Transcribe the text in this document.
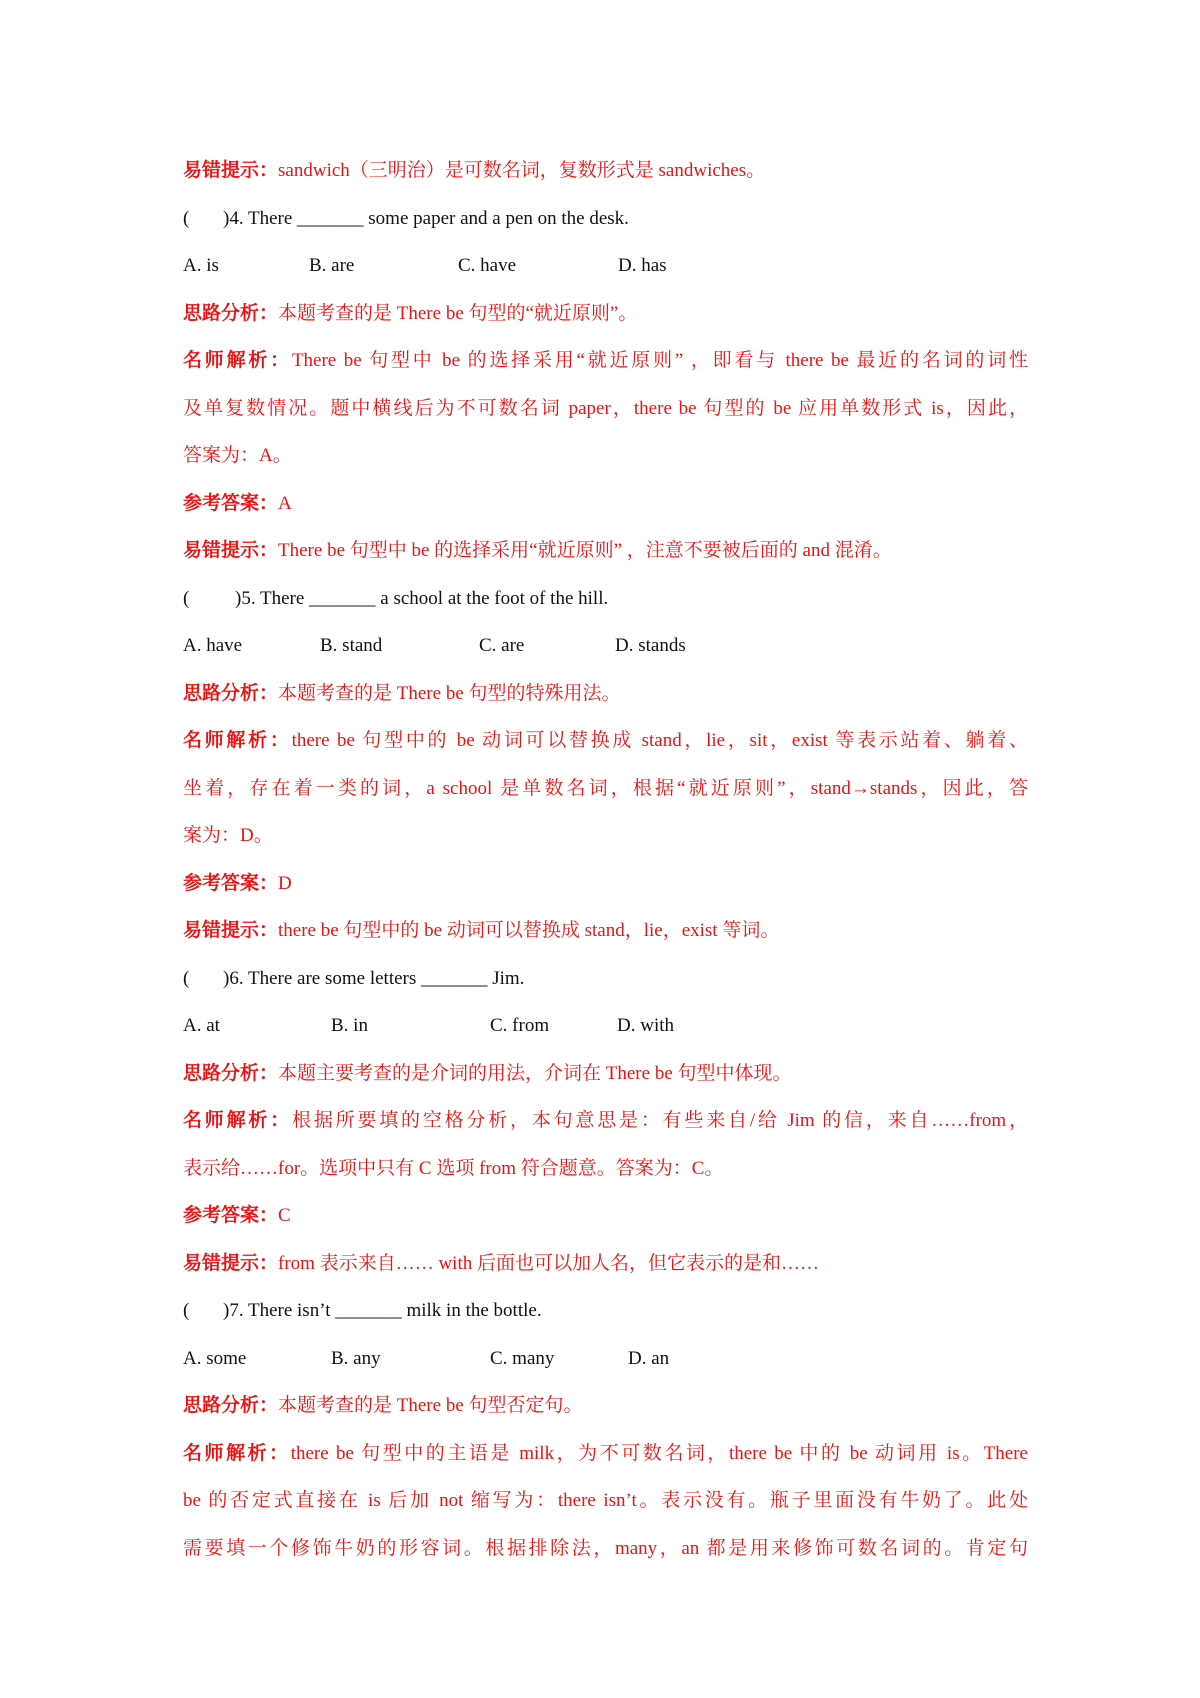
易错提示：sandwich（三明治）是可数名词，复数形式是 sandwiches。
( )4. There _______ some paper and a pen on the desk.
A. is	B. are	C. have	D. has
思路分析：本题考查的是 There be 句型的“就近原则”。
名师解析：There be 句型中 be 的选择采用“就近原则” ，即看与 there be 最近的名词的词性
及单复数情况。题中横线后为不可数名词 paper，there be 句型的 be 应用单数形式 is，因此，
答案为：A。
参考答案：A
易错提示：There be 句型中 be 的选择采用“就近原则” ，注意不要被后面的 and 混淆。
( )5. There _______ a school at the foot of the hill.
A. have	B. stand	C. are	D. stands
思路分析：本题考查的是 There be 句型的特殊用法。
名师解析：there be 句型中的 be 动词可以替换成 stand，lie，sit，exist 等表示站着、躺着、
坐着，存在着一类的词，a school 是单数名词，根据“就近原则”，stand→stands，因此，答
案为：D。
参考答案：D
易错提示：there be 句型中的 be 动词可以替换成 stand，lie，exist 等词。
( )6. There are some letters _______ Jim.
A. at	B. in	C. from	D. with
思路分析：本题主要考查的是介词的用法，介词在 There be 句型中体现。
名师解析：根据所要填的空格分析，本句意思是：有些来自/给 Jim 的信，来自……from，
表示给……for。选项中只有 C 选项 from 符合题意。答案为：C。
参考答案：C
易错提示：from 表示来自…… with 后面也可以加人名，但它表示的是和……
( )7. There isn’t _______ milk in the bottle.
A. some	B. any	C. many	D. an
思路分析：本题考查的是 There be 句型否定句。
名师解析：there be 句型中的主语是 milk，为不可数名词，there be 中的 be 动词用 is。There
be 的否定式直接在 is 后加 not 缩写为：there isn’t。表示没有。瓶子里面没有牛奶了。此处
需要填一个修饰牛奶的形容词。根据排除法，many，an 都是用来修饰可数名词的。肯定句
